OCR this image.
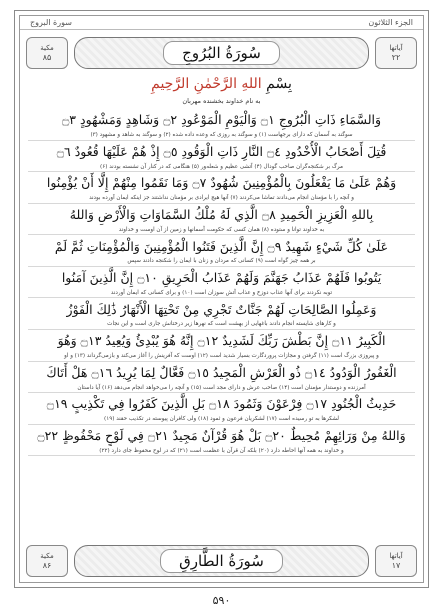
سورة البروج	الجزء الثلاثون
مکیة
۸۵	سُورَةُ البُرُوجِ	آیاتها
۲۲
بِسْمِ اللهِ الرَّحْمٰنِ الرَّحِيمِ
به نام خداوند بخشنده مهربان
وَالسَّمَاءِ ذَاتِ الْبُرُوجِ ۝١ وَالْيَوْمِ الْمَوْعُودِ ۝٢ وَشَاهِدٍ وَمَشْهُودٍ ۝٣
سوگند به آسمان که دارای برجهاست (۱) و سوگند به روزی که وعده داده شده (۲) و سوگند به شاهد و مشهود (۳)
قُتِلَ أَصْحَابُ الْأُخْدُودِ ۝٤ النَّارِ ذَاتِ الْوَقُودِ ۝٥ إِذْ هُمْ عَلَيْهَا قُعُودٌ ۝٦
مرگ بر شکنجه‌گران صاحب گودال (۴) آتشی عظیم و شعله‌ور (۵) هنگامی که در کنار آن نشسته بودند (۶)
وَهُمْ عَلَىٰ مَا يَفْعَلُونَ بِالْمُؤْمِنِينَ شُهُودٌ ۝٧ وَمَا نَقَمُوا مِنْهُمْ إِلَّا أَنْ يُؤْمِنُوا
و آنچه را با مؤمنان انجام می‌دادند تماشا می‌کردند (۷) آنها هیچ ایرادی بر مؤمنان نداشتند جز اینکه ایمان آورده بودند
بِاللهِ الْعَزِيزِ الْحَمِيدِ ۝٨ الَّذِي لَهُ مُلْكُ السَّمَاوَاتِ وَالْأَرْضِ وَاللهُ
به خداوند توانا و ستوده (۸) همان کسی که حکومت آسمانها و زمین از آن اوست و خداوند
عَلَىٰ كُلِّ شَيْءٍ شَهِيدٌ ۝٩ إِنَّ الَّذِينَ فَتَنُوا الْمُؤْمِنِينَ وَالْمُؤْمِنَاتِ ثُمَّ لَمْ
بر همه چیز گواه است (۹) کسانی که مردان و زنان با ایمان را شکنجه دادند سپس
يَتُوبُوا فَلَهُمْ عَذَابُ جَهَنَّمَ وَلَهُمْ عَذَابُ الْحَرِيقِ ۝١٠ إِنَّ الَّذِينَ آمَنُوا
توبه نکردند برای آنها عذاب دوزخ و عذاب آتش سوزان است (۱۰) و برای کسانی که ایمان آوردند
وَعَمِلُوا الصَّالِحَاتِ لَهُمْ جَنَّاتٌ تَجْرِي مِنْ تَحْتِهَا الْأَنْهَارُ ذَٰلِكَ الْفَوْزُ
و کارهای شایسته انجام دادند باغهایی از بهشت است که نهرها زیر درختانش جاری است و این نجات
الْكَبِيرُ ۝١١ إِنَّ بَطْشَ رَبِّكَ لَشَدِيدٌ ۝١٢ إِنَّهُ هُوَ يُبْدِئُ وَيُعِيدُ ۝١٣ وَهُوَ
و پیروزی بزرگ است (۱۱) گرفتن و مجازات پروردگارت بسیار شدید است (۱۲) اوست که آفرینش را آغاز می‌کند و بازمی‌گرداند (۱۳) و او
الْغَفُورُ الْوَدُودُ ۝١٤ ذُو الْعَرْشِ الْمَجِيدُ ۝١٥ فَعَّالٌ لِمَا يُرِيدُ ۝١٦ هَلْ أَتَاكَ
آمرزنده و دوستدار مؤمنان است (۱۴) صاحب عرش و دارای مجد است (۱۵) و آنچه را می‌خواهد انجام می‌دهد (۱۶) آیا داستان
حَدِيثُ الْجُنُودِ ۝١٧ فِرْعَوْنَ وَثَمُودَ ۝١٨ بَلِ الَّذِينَ كَفَرُوا فِي تَكْذِيبٍ ۝١٩
لشکرها به تو رسیده است (۱۷) لشکریان فرعون و ثمود (۱۸) ولی کافران پیوسته در تکذیب حقند (۱۹)
وَاللهُ مِنْ وَرَائِهِمْ مُحِيطٌ ۝٢٠ بَلْ هُوَ قُرْآنٌ مَجِيدٌ ۝٢١ فِي لَوْحٍ مَحْفُوظٍ ۝٢٢
و خداوند به همه آنها احاطه دارد (۲۰) بلکه آن قرآن با عظمت است (۲۱) که در لوح محفوظ جای دارد (۲۲)
مکیة
۸۶	سُورَةُ الطَّارِقِ	آیاتها
۱۷
۵۹۰
